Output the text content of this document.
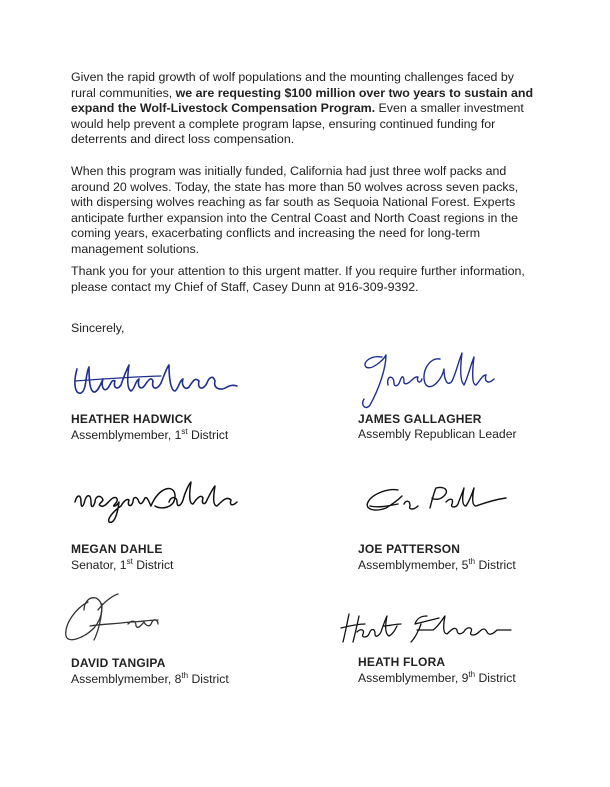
Given the rapid growth of wolf populations and the mounting challenges faced by rural communities, we are requesting $100 million over two years to sustain and expand the Wolf-Livestock Compensation Program. Even a smaller investment would help prevent a complete program lapse, ensuring continued funding for deterrents and direct loss compensation.

When this program was initially funded, California had just three wolf packs and around 20 wolves. Today, the state has more than 50 wolves across seven packs, with dispersing wolves reaching as far south as Sequoia National Forest. Experts anticipate further expansion into the Central Coast and North Coast regions in the coming years, exacerbating conflicts and increasing the need for long-term management solutions.

Thank you for your attention to this urgent matter. If you require further information, please contact my Chief of Staff, Casey Dunn at 916-309-9392.

Sincerely,
HEATHER HADWICK
Assemblymember, 1st District
JAMES GALLAGHER
Assembly Republican Leader
MEGAN DAHLE
Senator, 1st District
JOE PATTERSON
Assemblymember, 5th District
DAVID TANGIPA
Assemblymember, 8th District
HEATH FLORA
Assemblymember, 9th District
